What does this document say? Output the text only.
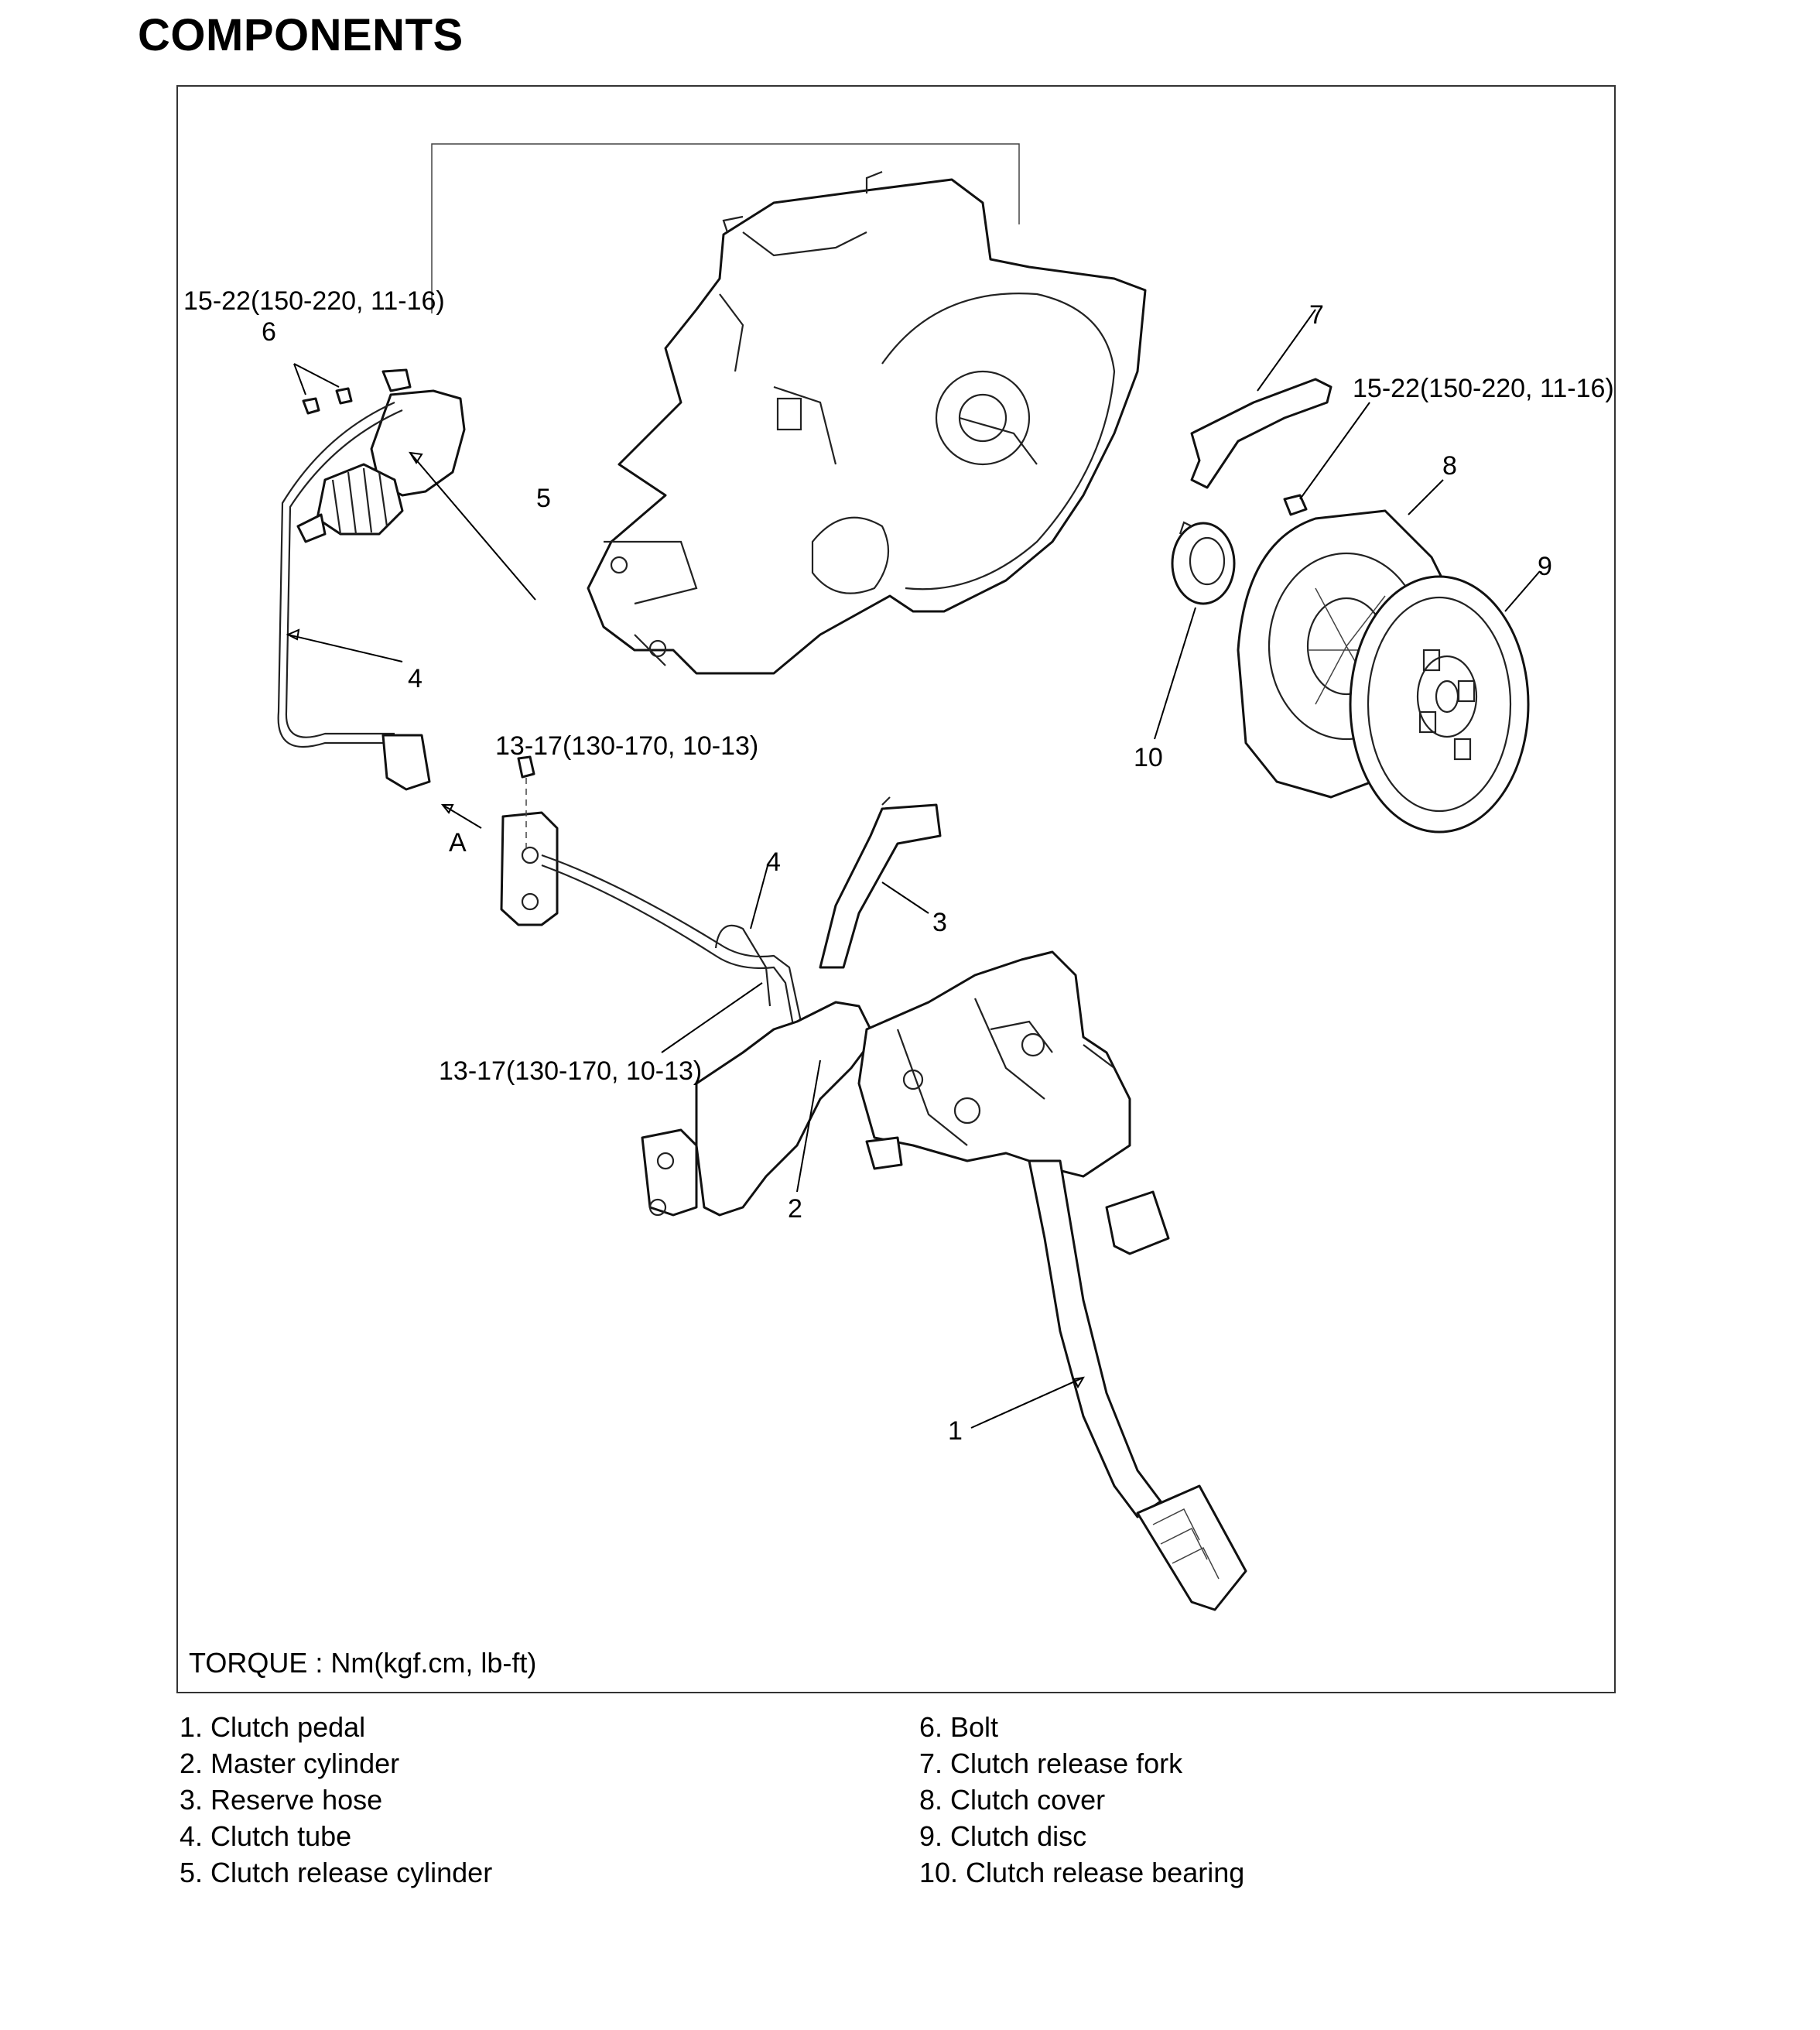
COMPONENTS
15-22(150-220, 11-16)
6
5
4
7
15-22(150-220, 11-16)
8
9
10
13-17(130-170, 10-13)
A
4
3
13-17(130-170, 10-13)
2
1
TORQUE : Nm(kgf.cm, lb-ft)
1. Clutch pedal
2. Master cylinder
3. Reserve hose
4. Clutch tube
5. Clutch release cylinder
6. Bolt
7. Clutch release fork
8. Clutch cover
9. Clutch disc
10. Clutch release bearing
